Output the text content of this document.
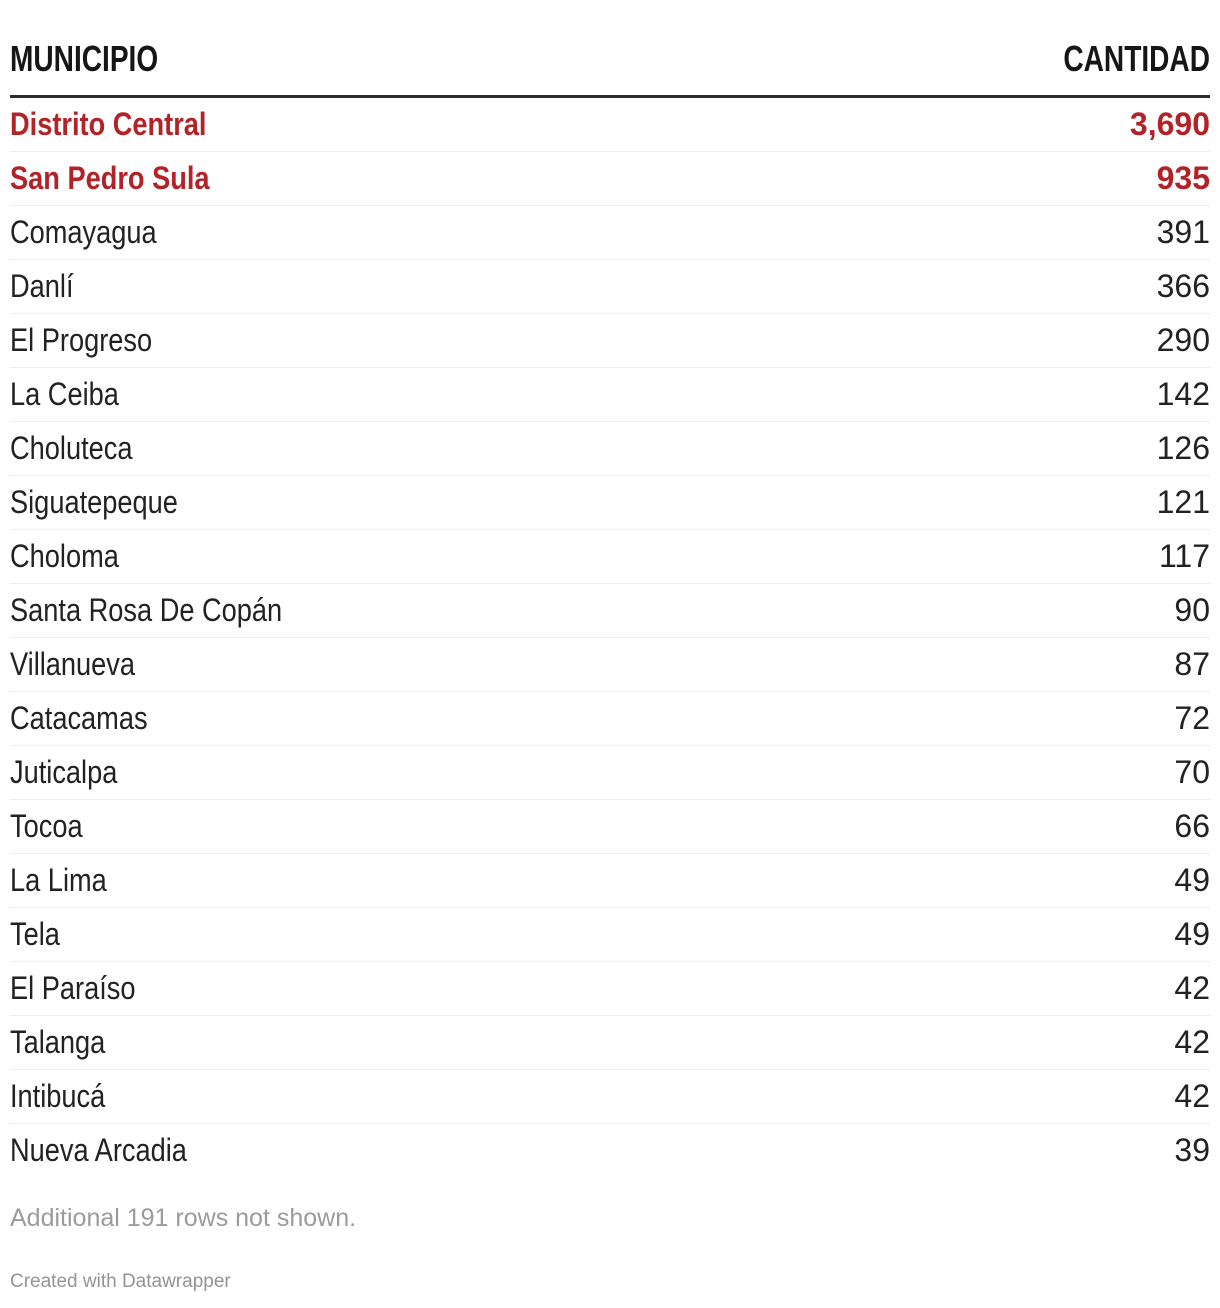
MUNICIPIO	CANTIDAD
Distrito Central	3,690
San Pedro Sula	935
Comayagua	391
Danlí	366
El Progreso	290
La Ceiba	142
Choluteca	126
Siguatepeque	121
Choloma	117
Santa Rosa De Copán	90
Villanueva	87
Catacamas	72
Juticalpa	70
Tocoa	66
La Lima	49
Tela	49
El Paraíso	42
Talanga	42
Intibucá	42
Nueva Arcadia	39
Additional 191 rows not shown.
Created with Datawrapper
